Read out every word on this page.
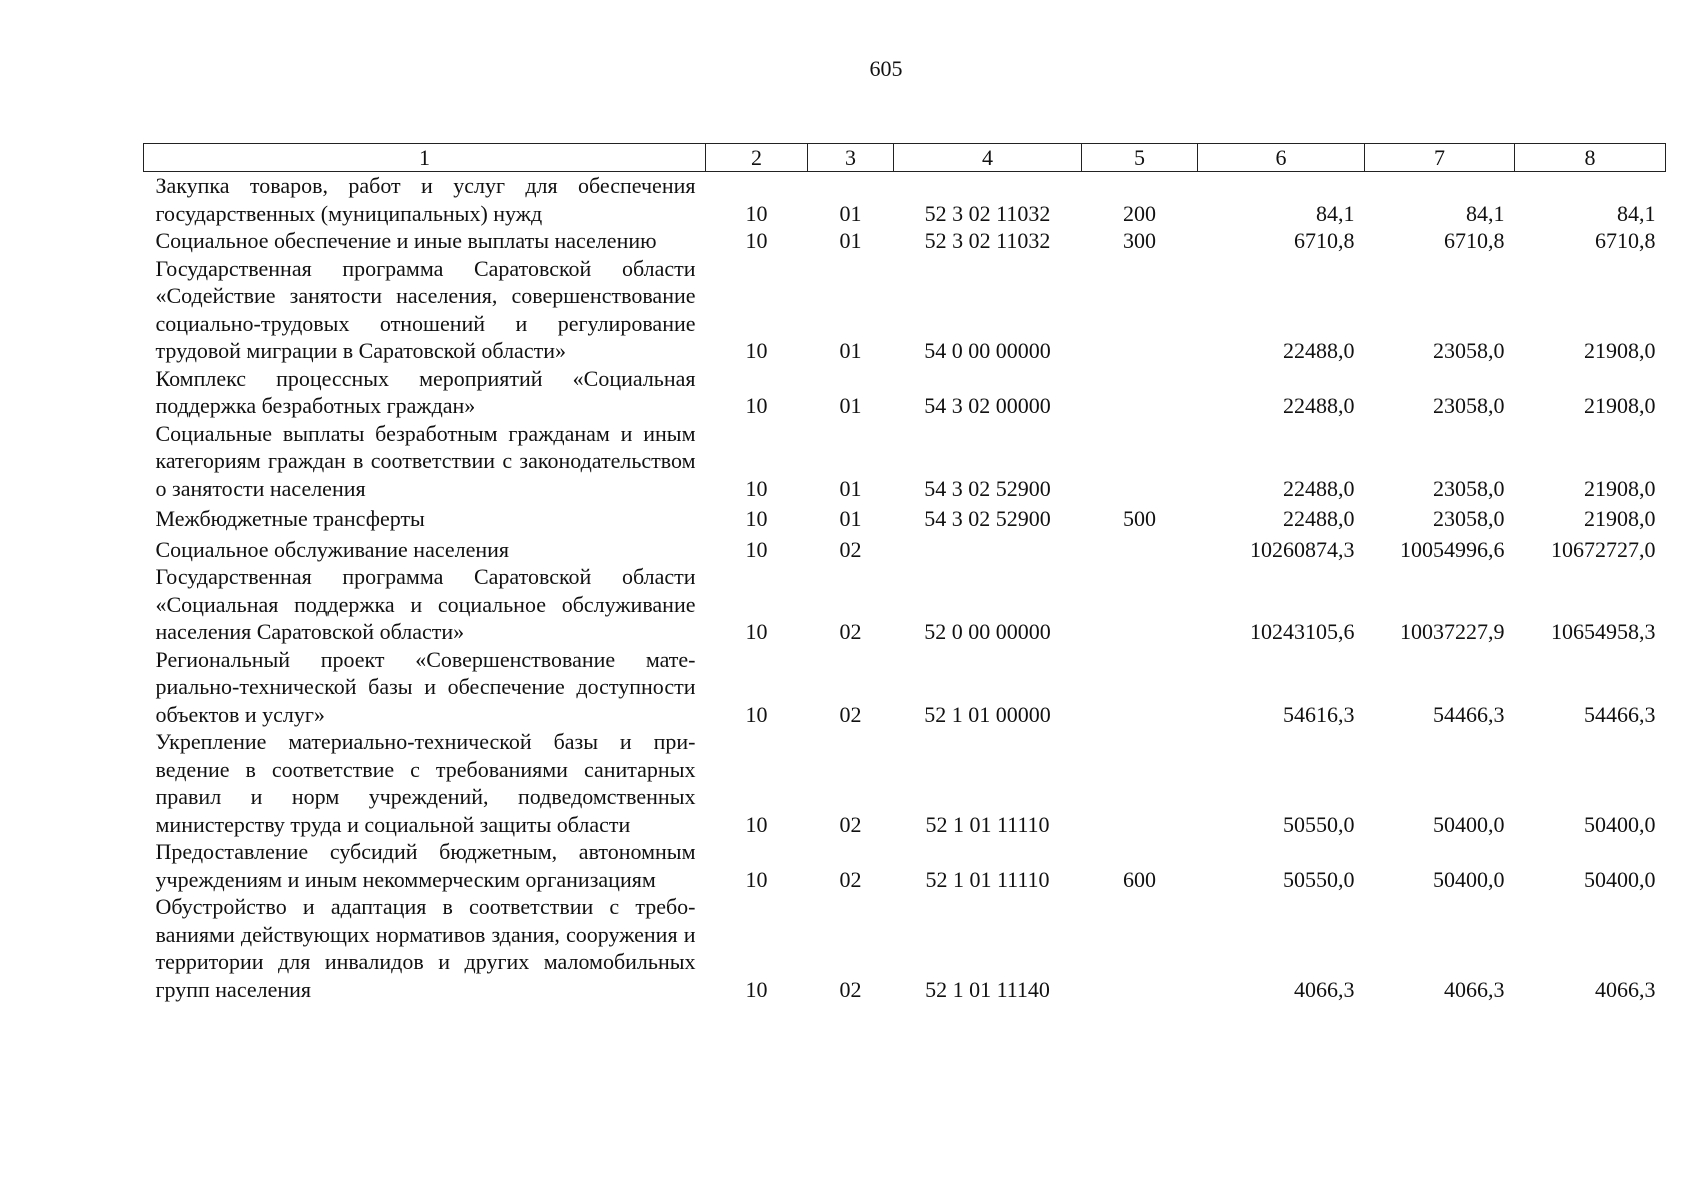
605
1	2	3	4	5	6	7	8
Закупка товаров, работ и услуг для обеспечения государственных (муниципальных) нужд	10	01	52 3 02 11032	200	84,1	84,1	84,1
Социальное обеспечение и иные выплаты населению	10	01	52 3 02 11032	300	6710,8	6710,8	6710,8
Государственная программа Саратовской области «Содействие занятости населения, совершенствование социально-трудовых отношений и регулирование трудовой миграции в Саратовской области»	10	01	54 0 00 00000		22488,0	23058,0	21908,0
Комплекс процессных мероприятий «Социальная поддержка безработных граждан»	10	01	54 3 02 00000		22488,0	23058,0	21908,0
Социальные выплаты безработным гражданам и иным категориям граждан в соответствии с законодательством о занятости населения	10	01	54 3 02 52900		22488,0	23058,0	21908,0
Межбюджетные трансферты	10	01	54 3 02 52900	500	22488,0	23058,0	21908,0
Социальное обслуживание населения	10	02			10260874,3	10054996,6	10672727,0
Государственная программа Саратовской области «Социальная поддержка и социальное обслуживание населения Саратовской области»	10	02	52 0 00 00000		10243105,6	10037227,9	10654958,3
Региональный проект «Совершенствование материально-технической базы и обеспечение доступности объектов и услуг»	10	02	52 1 01 00000		54616,3	54466,3	54466,3
Укрепление материально-технической базы и приведение в соответствие с требованиями санитарных правил и норм учреждений, подведомственных министерству труда и социальной защиты области	10	02	52 1 01 11110		50550,0	50400,0	50400,0
Предоставление субсидий бюджетным, автономным учреждениям и иным некоммерческим организациям	10	02	52 1 01 11110	600	50550,0	50400,0	50400,0
Обустройство и адаптация в соответствии с требованиями действующих нормативов здания, сооружения и территории для инвалидов и других маломобильных групп населения	10	02	52 1 01 11140		4066,3	4066,3	4066,3
